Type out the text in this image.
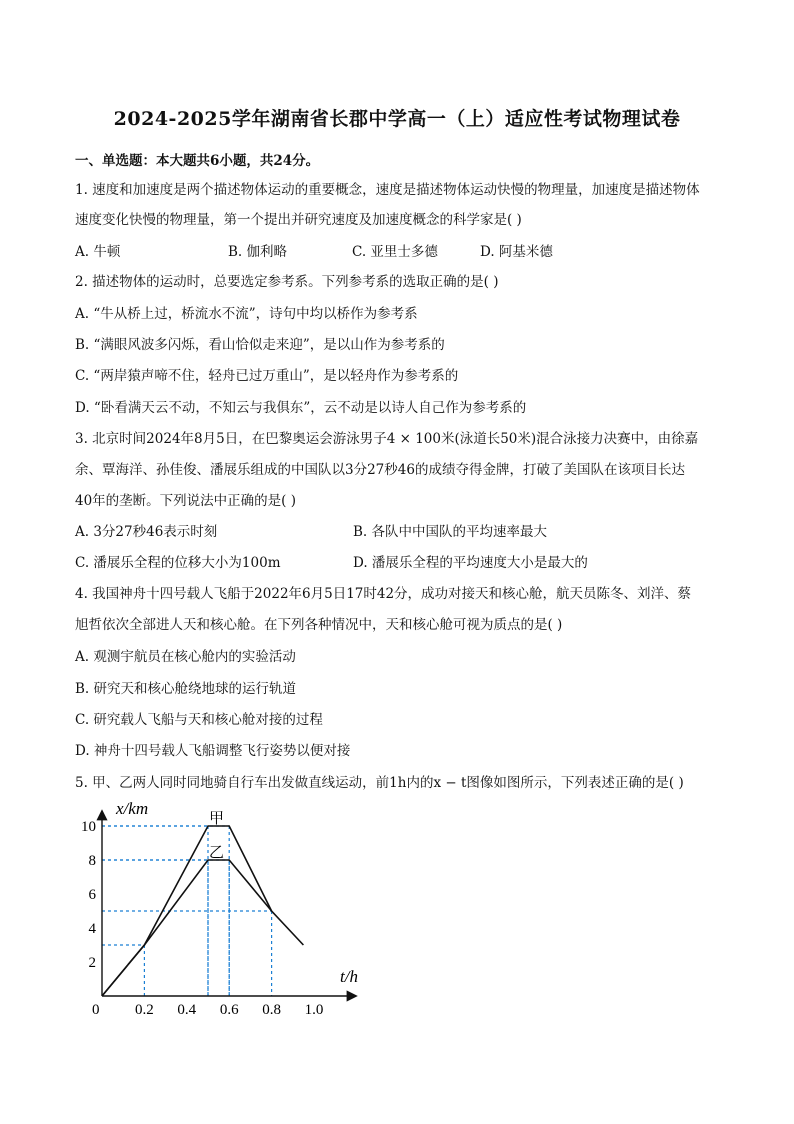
2024-2025学年湖南省长郡中学高一（上）适应性考试物理试卷
一、单选题：本大题共6小题，共24分。
1. 速度和加速度是两个描述物体运动的重要概念，速度是描述物体运动快慢的物理量，加速度是描述物体
速度变化快慢的物理量，第一个提出并研究速度及加速度概念的科学家是( )
A. 牛顿	B. 伽利略	C. 亚里士多德	D. 阿基米德
2. 描述物体的运动时，总要选定参考系。下列参考系的选取正确的是( )
A. “牛从桥上过，桥流水不流”，诗句中均以桥作为参考系
B. “满眼风波多闪烁，看山恰似走来迎”，是以山作为参考系的
C. “两岸猿声啼不住，轻舟已过万重山”，是以轻舟作为参考系的
D. “卧看满天云不动，不知云与我俱东”，云不动是以诗人自己作为参考系的
3. 北京时间2024年8月5日，在巴黎奥运会游泳男子4 × 100米(泳道长50米)混合泳接力决赛中，由徐嘉
余、覃海洋、孙佳俊、潘展乐组成的中国队以3分27秒46的成绩夺得金牌，打破了美国队在该项目长达
40年的垄断。下列说法中正确的是( )
A. 3分27秒46表示时刻	B. 各队中中国队的平均速率最大
C. 潘展乐全程的位移大小为100m	D. 潘展乐全程的平均速度大小是最大的
4. 我国神舟十四号载人飞船于2022年6月5日17时42分，成功对接天和核心舱，航天员陈冬、刘洋、蔡
旭哲依次全部进人天和核心舱。在下列各种情况中，天和核心舱可视为质点的是( )
A. 观测宇航员在核心舱内的实验活动
B. 研究天和核心舱绕地球的运行轨道
C. 研究载人飞船与天和核心舱对接的过程
D. 神舟十四号载人飞船调整飞行姿势以便对接
5. 甲、乙两人同时同地骑自行车出发做直线运动，前1h内的x − t图像如图所示，下列表述正确的是( )
0.2 0.4 0.6 0.8 1.0
2
4
6
8
10
x/km
t/h
0
甲
乙
